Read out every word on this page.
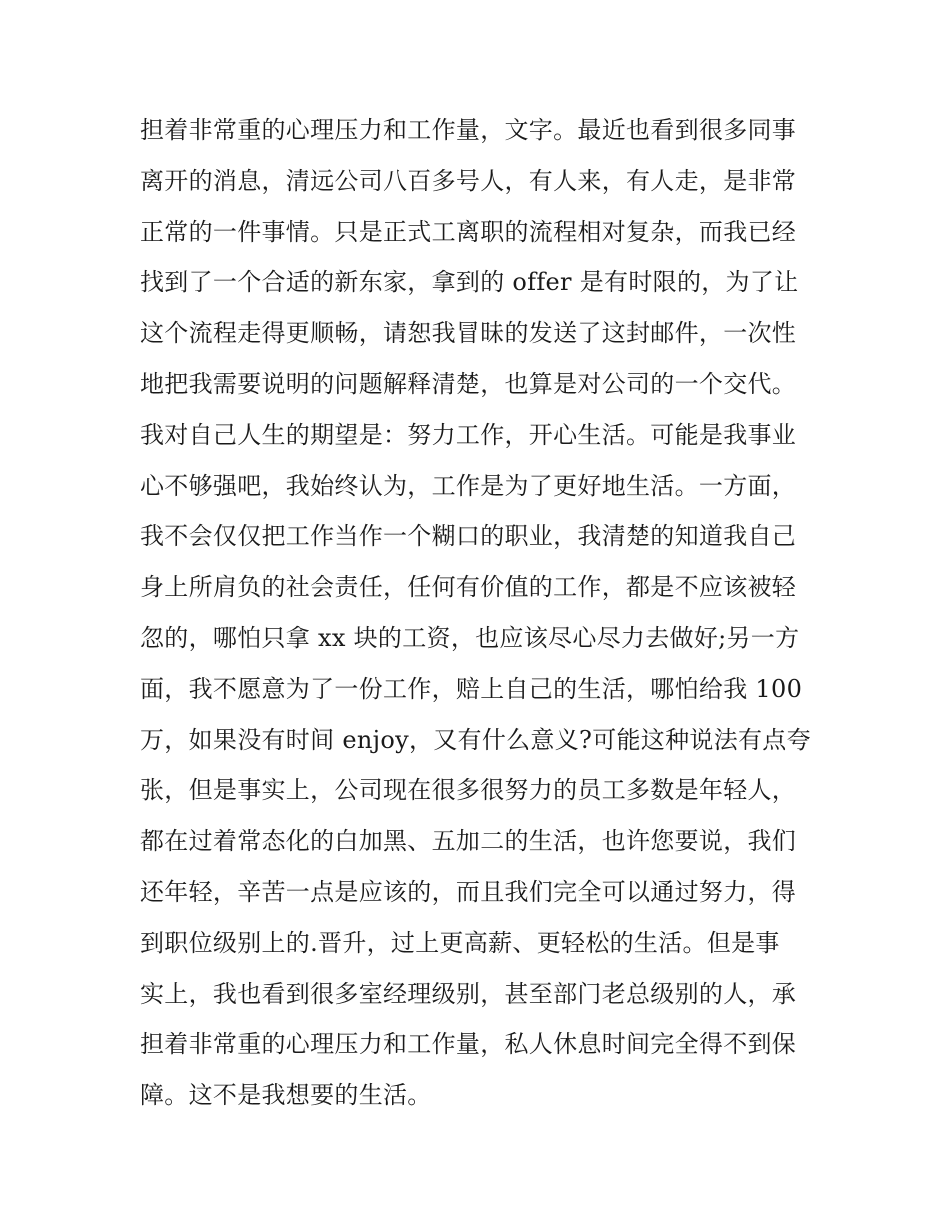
担着非常重的心理压力和工作量，文字。最近也看到很多同事
离开的消息，清远公司八百多号人，有人来，有人走，是非常
正常的一件事情。只是正式工离职的流程相对复杂，而我已经
找到了一个合适的新东家，拿到的 offer 是有时限的，为了让
这个流程走得更顺畅，请恕我冒昧的发送了这封邮件，一次性
地把我需要说明的问题解释清楚，也算是对公司的一个交代。
我对自己人生的期望是：努力工作，开心生活。可能是我事业
心不够强吧，我始终认为，工作是为了更好地生活。一方面，
我不会仅仅把工作当作一个糊口的职业，我清楚的知道我自己
身上所肩负的社会责任，任何有价值的工作，都是不应该被轻
忽的，哪怕只拿 xx 块的工资，也应该尽心尽力去做好;另一方
面，我不愿意为了一份工作，赔上自己的生活，哪怕给我 100
万，如果没有时间 enjoy，又有什么意义?可能这种说法有点夸
张，但是事实上，公司现在很多很努力的员工多数是年轻人，
都在过着常态化的白加黑、五加二的生活，也许您要说，我们
还年轻，辛苦一点是应该的，而且我们完全可以通过努力，得
到职位级别上的.晋升，过上更高薪、更轻松的生活。但是事
实上，我也看到很多室经理级别，甚至部门老总级别的人，承
担着非常重的心理压力和工作量，私人休息时间完全得不到保
障。这不是我想要的生活。
